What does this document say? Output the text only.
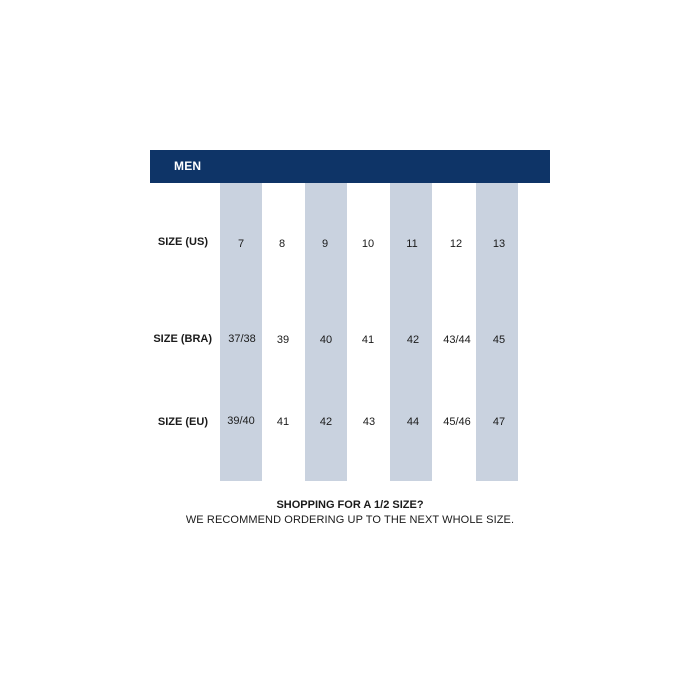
MEN
SIZE (US)	7	8	9	10	11	12	13
SIZE (BRA)	37/38	39	40	41	42	43/44	45
SIZE (EU)	39/40	41	42	43	44	45/46	47
SHOPPING FOR A 1/2 SIZE?
WE RECOMMEND ORDERING UP TO THE NEXT WHOLE SIZE.
